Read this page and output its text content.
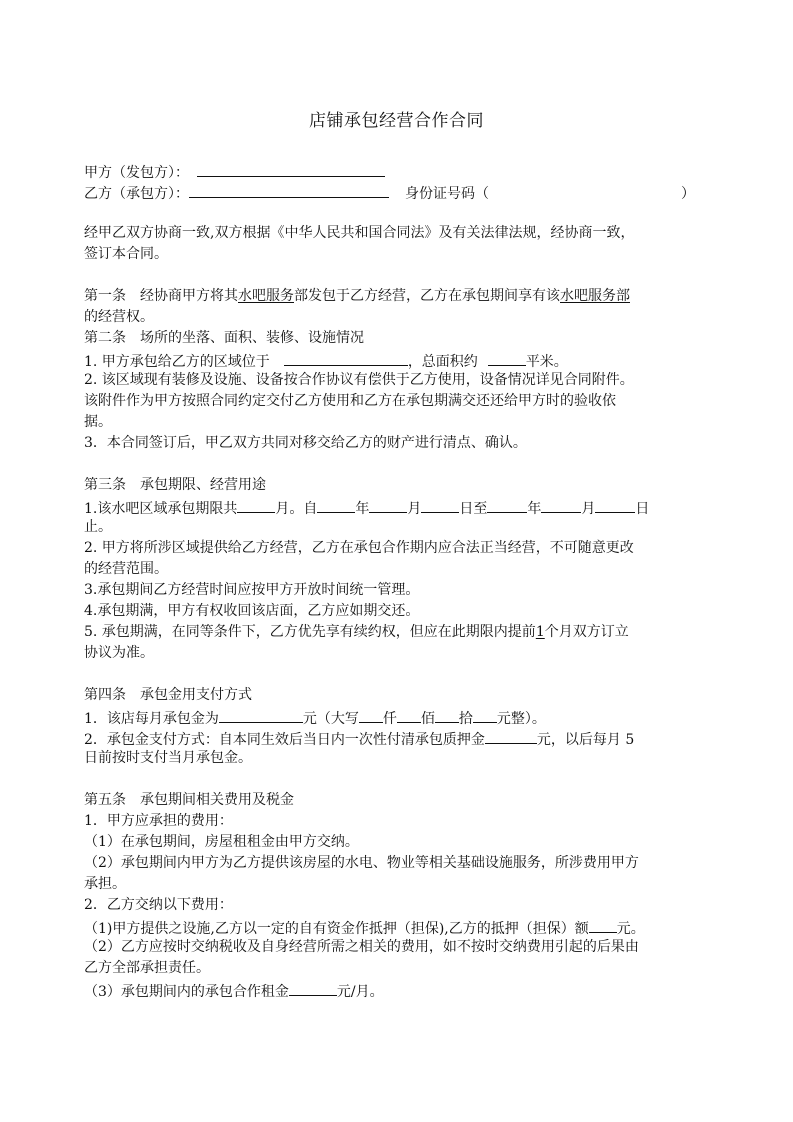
店铺承包经营合作合同
甲方（发包方）：
乙方（承包方）：	身份证号码（	）
经甲乙双方协商一致,双方根据《中华人民共和国合同法》及有关法律法规，经协商一致，
签订本合同。
第一条　经协商甲方将其水吧服务部发包于乙方经营，乙方在承包期间享有该水吧服务部
的经营权。
第二条　场所的坐落、面积、装修、设施情况
1. 甲方承包给乙方的区域位于	，总面积约	平米。
2. 该区域现有装修及设施、设备按合作协议有偿供于乙方使用，设备情况详见合同附件。
该附件作为甲方按照合同约定交付乙方使用和乙方在承包期满交还还给甲方时的验收依
据。
3．本合同签订后，甲乙双方共同对移交给乙方的财产进行清点、确认。
第三条　承包期限、经营用途
1.该水吧区域承包期限共	月。自	年	月	日至	年	月	日
止。
2. 甲方将所涉区域提供给乙方经营，乙方在承包合作期内应合法正当经营，不可随意更改
的经营范围。
3.承包期间乙方经营时间应按甲方开放时间统一管理。
4.承包期满，甲方有权收回该店面，乙方应如期交还。
5. 承包期满，在同等条件下，乙方优先享有续约权，但应在此期限内提前1个月双方订立
协议为准。
第四条　承包金用支付方式
1．该店每月承包金为	元（大写 仟 佰 拾 元整）。
2．承包金支付方式：自本同生效后当日内一次性付清承包质押金	元，以后每月 5
日前按时支付当月承包金。
第五条　承包期间相关费用及税金
1．甲方应承担的费用：
（1）在承包期间，房屋租租金由甲方交纳。
（2）承包期间内甲方为乙方提供该房屋的水电、物业等相关基础设施服务，所涉费用甲方
承担。
2．乙方交纳以下费用：
（1)甲方提供之设施,乙方以一定的自有资金作抵押（担保),乙方的抵押（担保）额 元。
（2）乙方应按时交纳税收及自身经营所需之相关的费用，如不按时交纳费用引起的后果由
乙方全部承担责任。
（3）承包期间内的承包合作租金	元/月。
